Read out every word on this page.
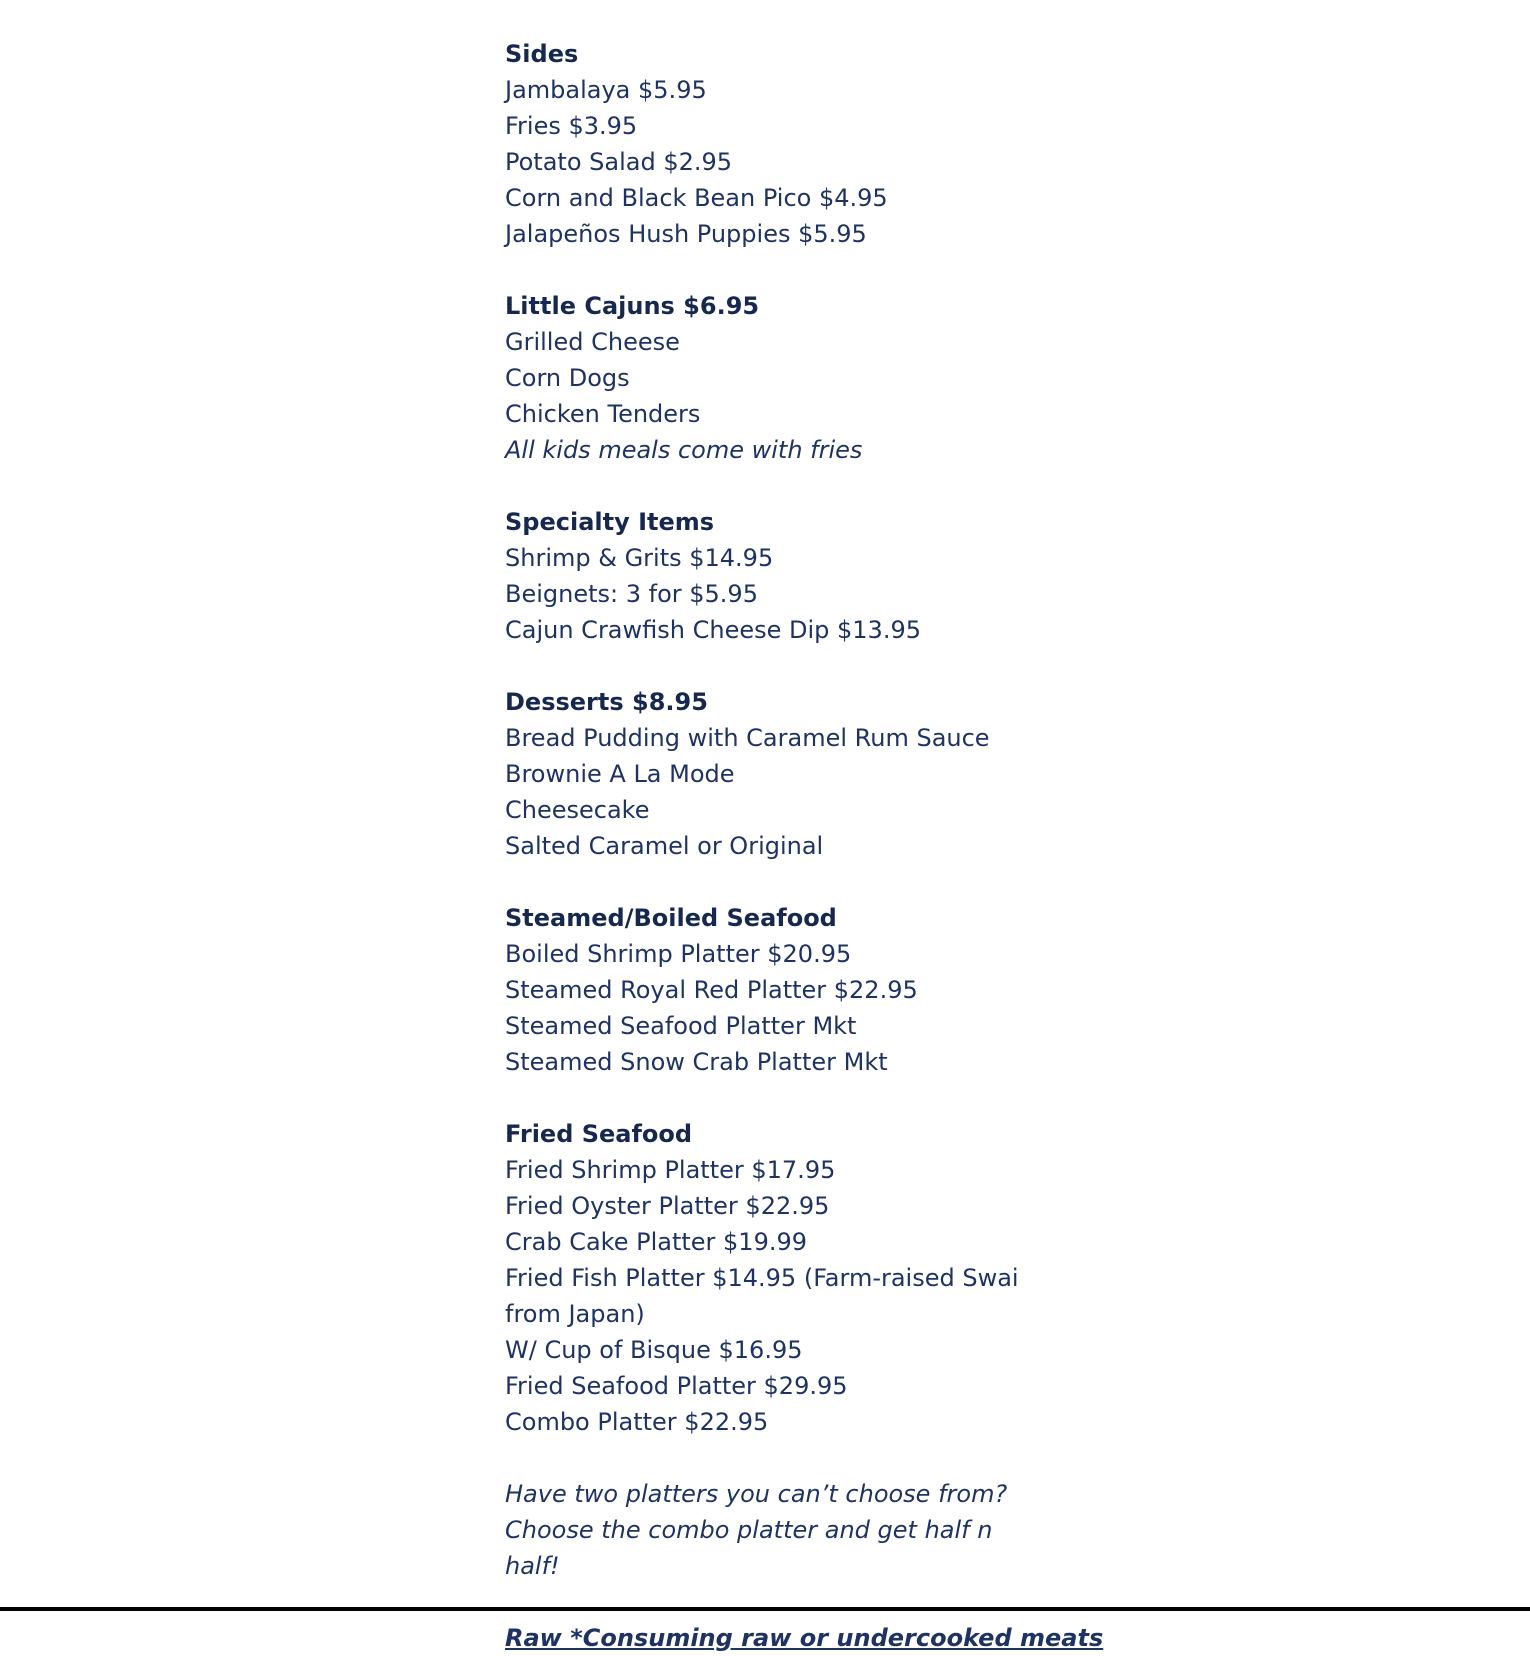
Sides
Jambalaya $5.95
Fries $3.95
Potato Salad $2.95
Corn and Black Bean Pico $4.95
Jalapeños Hush Puppies $5.95
Little Cajuns $6.95
Grilled Cheese
Corn Dogs
Chicken Tenders
All kids meals come with fries
Specialty Items
Shrimp & Grits $14.95
Beignets: 3 for $5.95
Cajun Crawfish Cheese Dip $13.95
Desserts $8.95
Bread Pudding with Caramel Rum Sauce
Brownie A La Mode
Cheesecake
Salted Caramel or Original
Steamed/Boiled Seafood
Boiled Shrimp Platter $20.95
Steamed Royal Red Platter $22.95
Steamed Seafood Platter Mkt
Steamed Snow Crab Platter Mkt
Fried Seafood
Fried Shrimp Platter $17.95
Fried Oyster Platter $22.95
Crab Cake Platter $19.99
Fried Fish Platter $14.95 (Farm-raised Swai from Japan)
W/ Cup of Bisque $16.95
Fried Seafood Platter $29.95
Combo Platter $22.95
Have two platters you can’t choose from? Choose the combo platter and get half n half!
Raw *Consuming raw or undercooked meats
